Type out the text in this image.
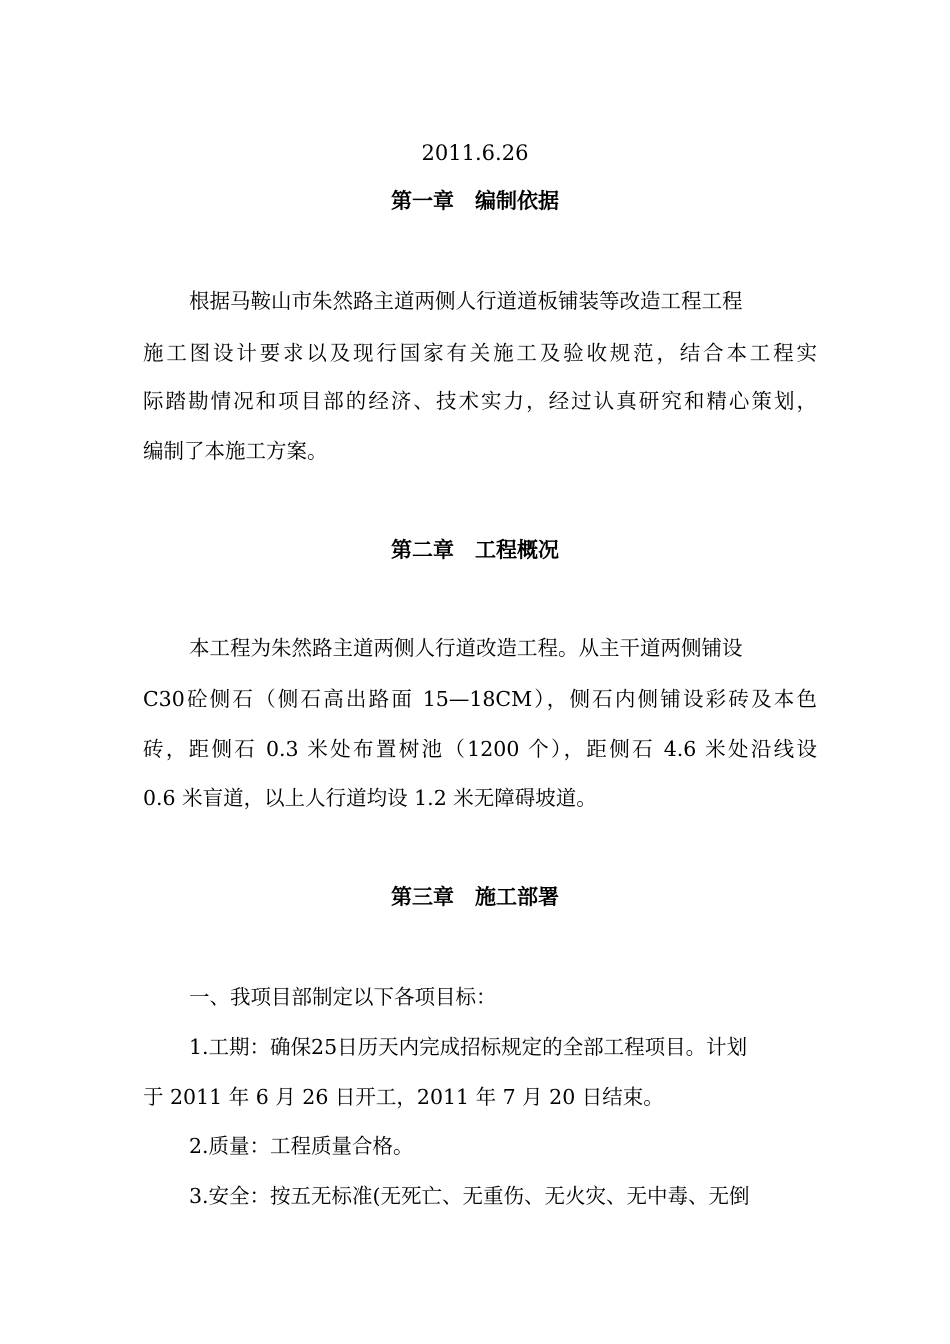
2011.6.26
第一章　编制依据
根据马鞍山市朱然路主道两侧人行道道板铺装等改造工程工程
施工图设计要求以及现行国家有关施工及验收规范，结合本工程实
际踏勘情况和项目部的经济、技术实力，经过认真研究和精心策划，
编制了本施工方案。
第二章　工程概况
本工程为朱然路主道两侧人行道改造工程。从主干道两侧铺设
C30砼侧石（侧石高出路面 15—18CM），侧石内侧铺设彩砖及本色
砖，距侧石 0.3 米处布置树池（1200 个），距侧石 4.6 米处沿线设
0.6 米盲道，以上人行道均设 1.2 米无障碍坡道。
第三章　施工部署
一、我项目部制定以下各项目标：
1.工期：确保25日历天内完成招标规定的全部工程项目。计划
于 2011 年 6 月 26 日开工，2011 年 7 月 20 日结束。
2.质量：工程质量合格。
3.安全：按五无标准(无死亡、无重伤、无火灾、无中毒、无倒
